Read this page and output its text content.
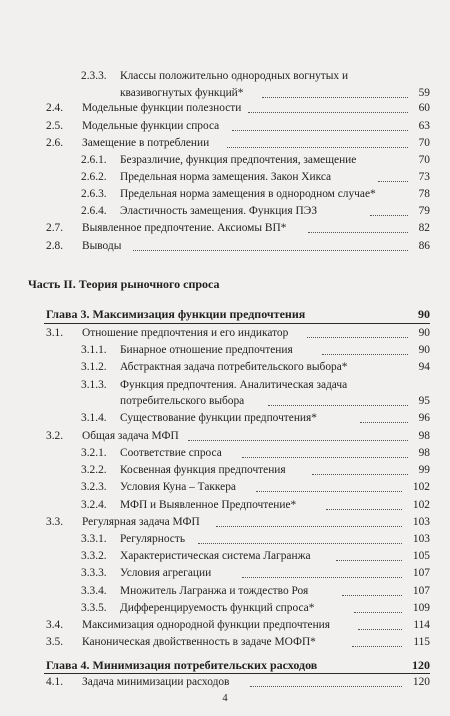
2.3.3. Классы положительно однородных вогнутых и
квазивогнутых функций*	59
2.4. Модельные функции полезности	60
2.5. Модельные функции спроса	63
2.6. Замещение в потреблении	70
2.6.1. Безразличие, функция предпочтения, замещение	70
2.6.2. Предельная норма замещения. Закон Хикса	73
2.6.3. Предельная норма замещения в однородном случае*	78
2.6.4. Эластичность замещения. Функция ПЭЗ	79
2.7. Выявленное предпочтение. Аксиомы ВП*	82
2.8. Выводы	86
Часть II. Теория рыночного спроса
Глава 3. Максимизация функции предпочтения	90
3.1. Отношение предпочтения и его индикатор	90
3.1.1. Бинарное отношение предпочтения	90
3.1.2. Абстрактная задача потребительского выбора*	94
3.1.3. Функция предпочтения. Аналитическая задача
потребительского выбора	95
3.1.4. Существование функции предпочтения*	96
3.2. Общая задача МФП	98
3.2.1. Соответствие спроса	98
3.2.2. Косвенная функция предпочтения	99
3.2.3. Условия Куна – Таккера	102
3.2.4. МФП и Выявленное Предпочтение*	102
3.3. Регулярная задача МФП	103
3.3.1. Регулярность	103
3.3.2. Характеристическая система Лагранжа	105
3.3.3. Условия агрегации	107
3.3.4. Множитель Лагранжа и тождество Роя	107
3.3.5. Дифференцируемость функций спроса*	109
3.4. Максимизация однородной функции предпочтения	114
3.5. Каноническая двойственность в задаче МОФП*	115
Глава 4. Минимизация потребительских расходов	120
4.1. Задача минимизации расходов	120
4
